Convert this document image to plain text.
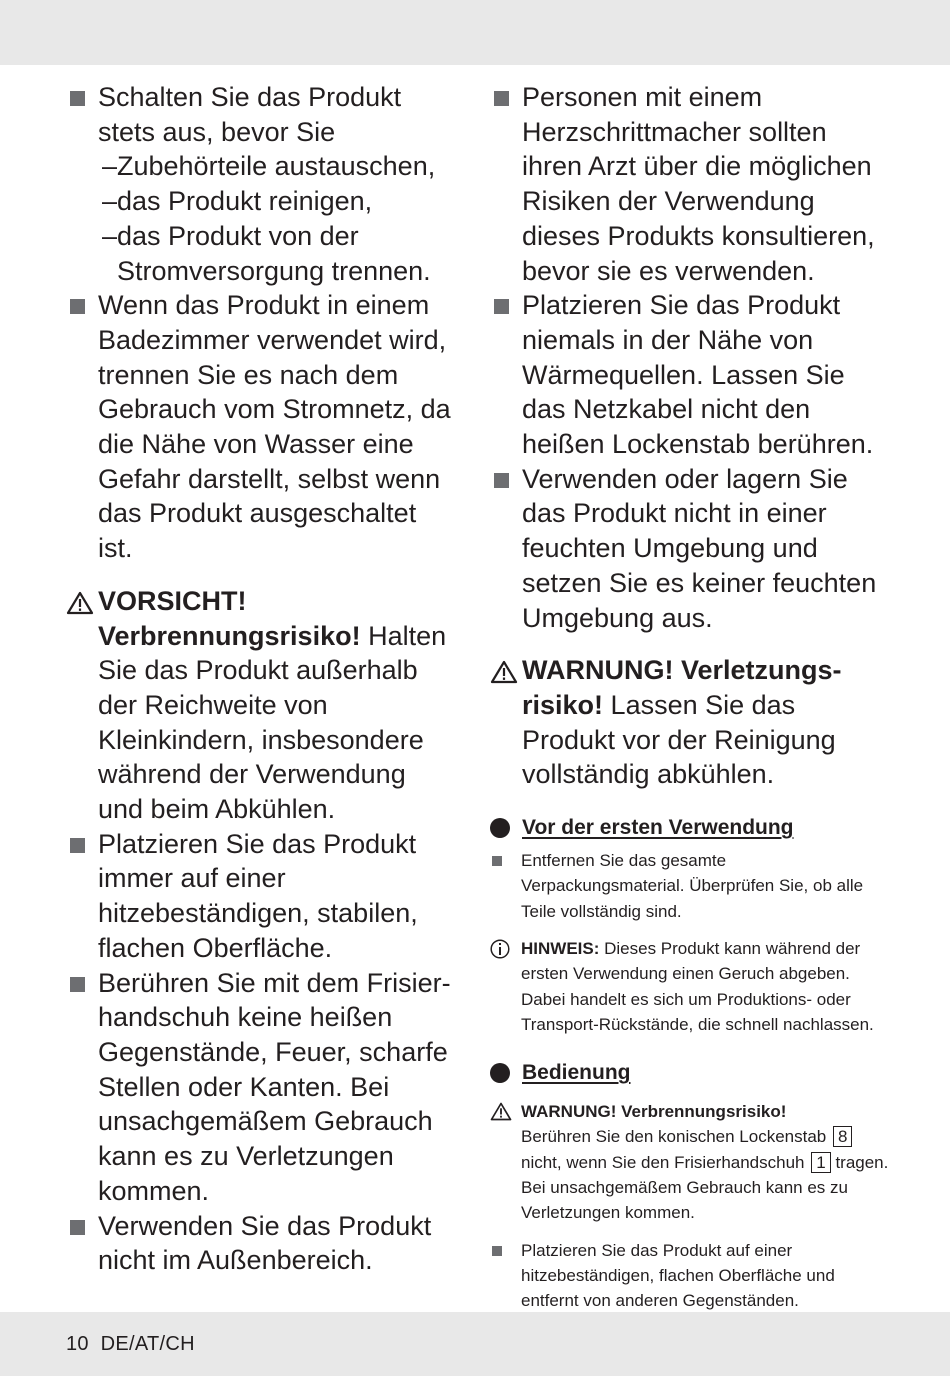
Schalten Sie das Produkt stets aus, bevor Sie
–Zubehörteile austauschen,
–das Produkt reinigen,
–das Produkt von der
Stromversorgung trennen.
Wenn das Produkt in einem Badezimmer verwendet wird, trennen Sie es nach dem Gebrauch vom Stromnetz, da die Nähe von Wasser eine Gefahr darstellt, selbst wenn das Produkt ausgeschaltet ist.
VORSICHT! Verbrennungsrisiko! Halten Sie das Produkt außerhalb der Reichweite von Kleinkindern, insbesondere während der Verwendung und beim Abkühlen.
Platzieren Sie das Produkt immer auf einer hitzebeständigen, stabilen, flachen Oberfläche.
Berühren Sie mit dem Frisier-handschuh keine heißen Gegenstände, Feuer, scharfe Stellen oder Kanten. Bei unsachgemäßem Gebrauch kann es zu Verletzungen kommen.
Verwenden Sie das Produkt nicht im Außenbereich.
Personen mit einem Herzschrittmacher sollten ihren Arzt über die möglichen Risiken der Verwendung dieses Produkts konsultieren, bevor sie es verwenden.
Platzieren Sie das Produkt niemals in der Nähe von Wärmequellen. Lassen Sie das Netzkabel nicht den heißen Lockenstab berühren.
Verwenden oder lagern Sie das Produkt nicht in einer feuchten Umgebung und setzen Sie es keiner feuchten Umgebung aus.
WARNUNG! Verletzungs-risiko! Lassen Sie das Produkt vor der Reinigung vollständig abkühlen.
Vor der ersten Verwendung
Entfernen Sie das gesamte Verpackungsmaterial. Überprüfen Sie, ob alle Teile vollständig sind.
HINWEIS: Dieses Produkt kann während der ersten Verwendung einen Geruch abgeben. Dabei handelt es sich um Produktions- oder Transport-Rückstände, die schnell nachlassen.
Bedienung
WARNUNG! Verbrennungsrisiko!
Berühren Sie den konischen Lockenstab 8 nicht, wenn Sie den Frisierhandschuh 1 tragen. Bei unsachgemäßem Gebrauch kann es zu Verletzungen kommen.
Platzieren Sie das Produkt auf einer hitzebeständigen, flachen Oberfläche und entfernt von anderen Gegenständen.
10 DE/AT/CH
